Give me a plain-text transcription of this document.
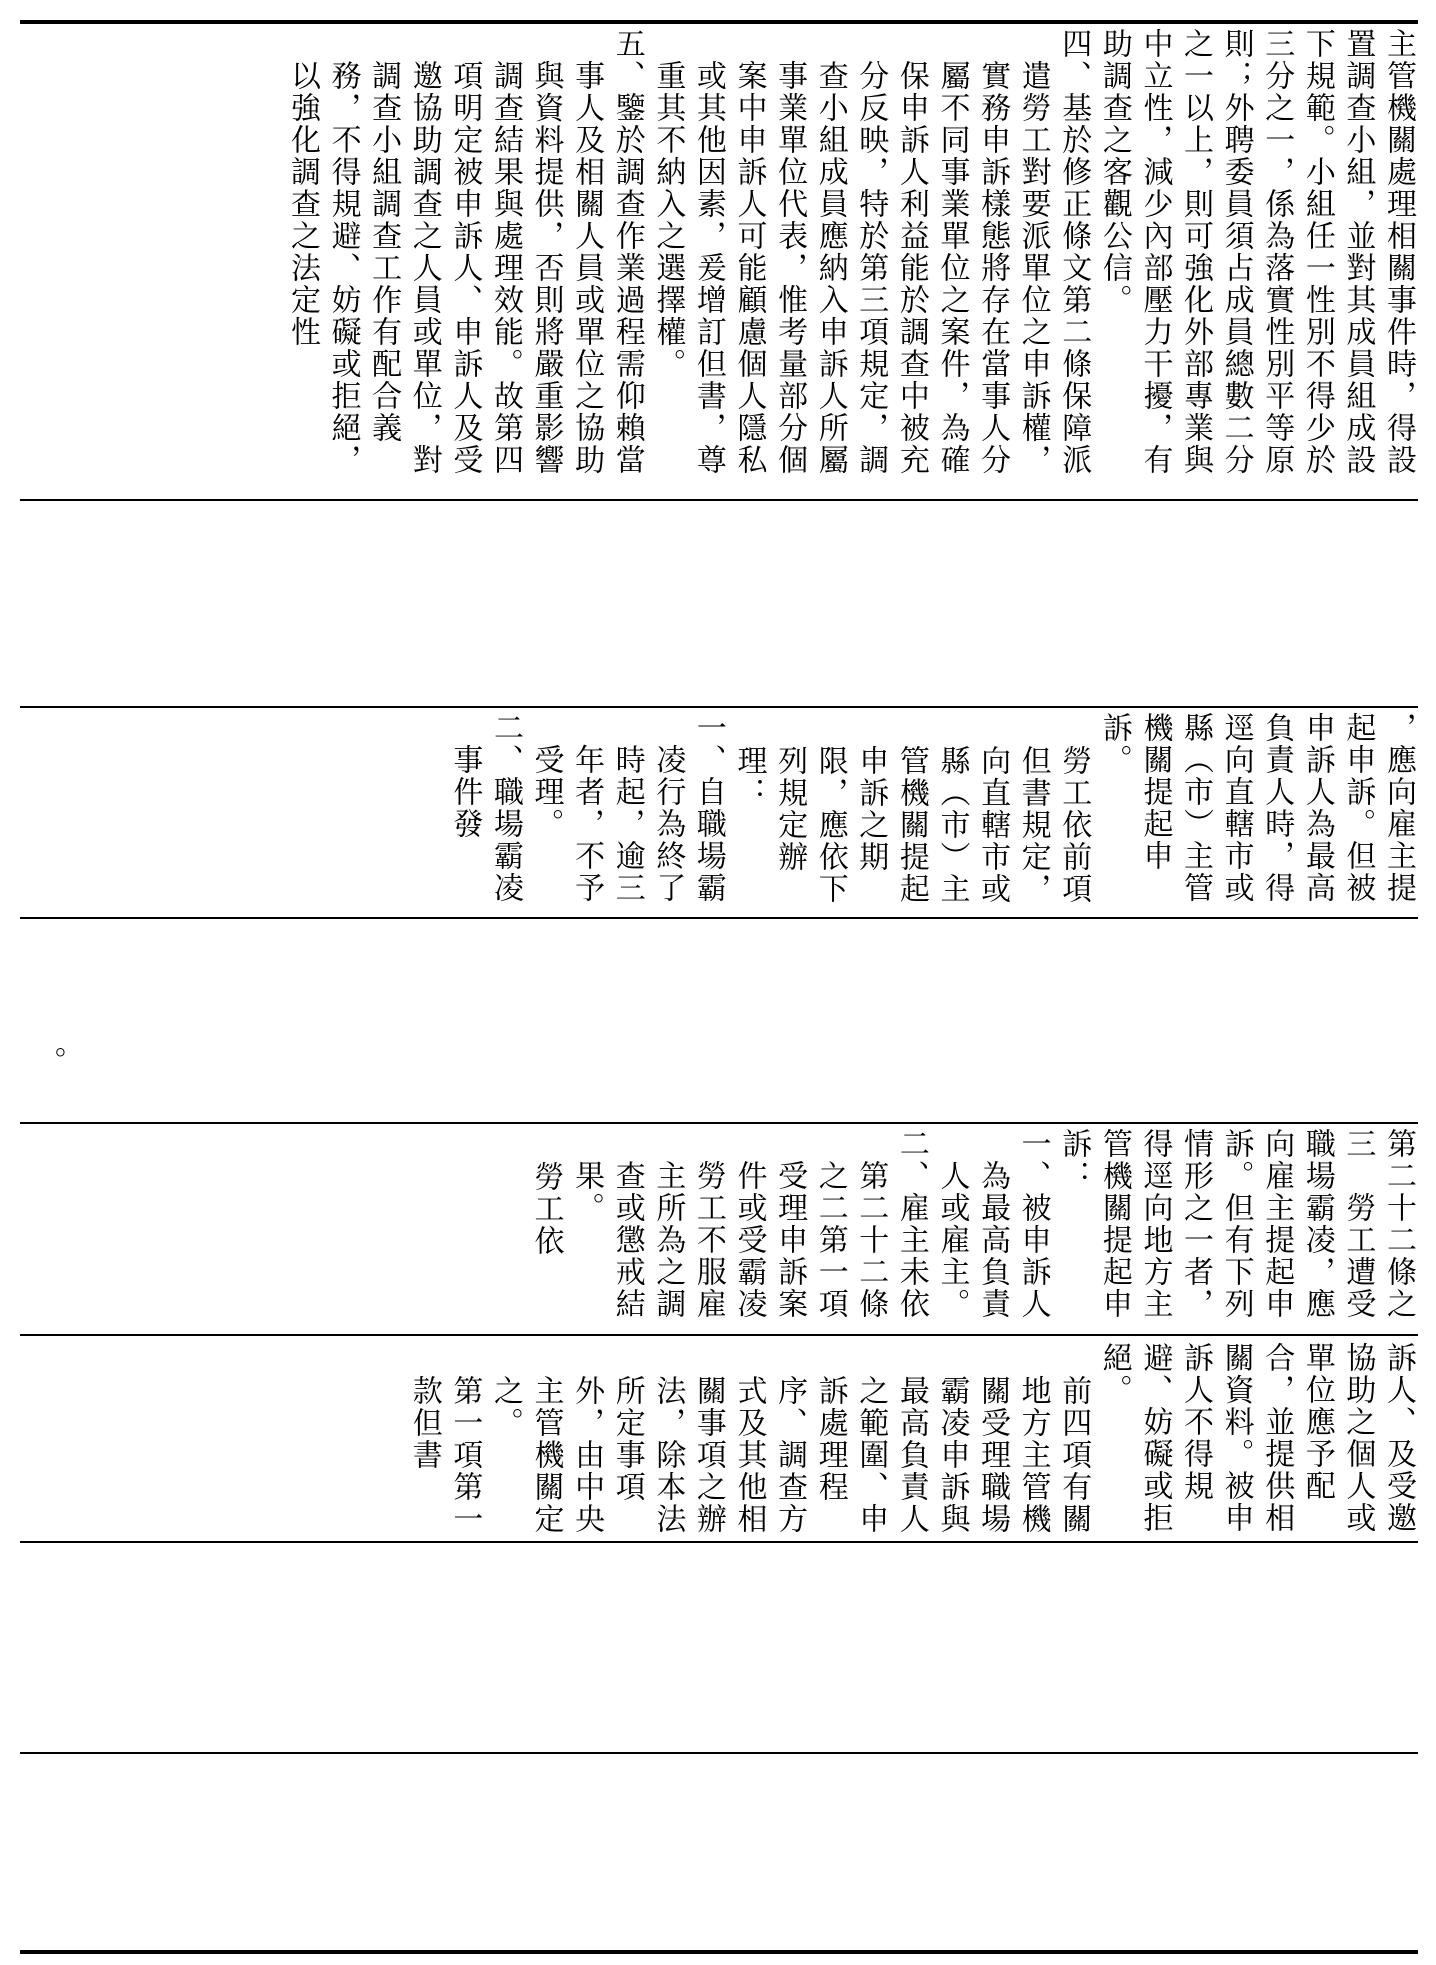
主管機關處理相關事件時，得設置調查小組，並對其成員組成設下規範。小組任一性別不得少於三分之一，係為落實性別平等原則；外聘委員須占成員總數二分之一以上，則可強化外部專業與中立性，減少內部壓力干擾，有助調查之客觀公信。

四、基於修正條文第二條保障派遣勞工對要派單位之申訴權，實務申訴樣態將存在當事人分屬不同事業單位之案件，為確保申訴人利益能於調查中被充分反映，特於第三項規定，調查小組成員應納入申訴人所屬事業單位代表，惟考量部分個案中申訴人可能顧慮個人隱私或其他因素，爰增訂但書，尊重其不納入之選擇權。

五、鑒於調查作業過程需仰賴當事人及相關人員或單位之協助與資料提供，否則將嚴重影響調查結果與處理效能。故第四項明定被申訴人、申訴人及受邀協助調查之人員或單位，對調查小組調查工作有配合義務，不得規避、妨礙或拒絕，以強化調查之法定性

，應向雇主提起申訴。但被申訴人為最高負責人時，得逕向直轄市或縣（市）主管機關提起申訴。

勞工依前項但書規定，向直轄市或縣（市）主管機關提起申訴之期限，應依下列規定辦理：

一、自職場霸凌行為終了時起，逾三年者，不予受理。

二、職場霸凌事件發

。

第二十二條之三　勞工遭受職場霸凌，應向雇主提起申訴。但有下列情形之一者，得逕向地方主管機關提起申訴：

一、被申訴人為最高負責人或雇主。

二、雇主未依第二十二條之二第一項受理申訴案件或受霸凌勞工不服雇主所為之調查或懲戒結果。

勞工依

訴人、及受邀協助之個人或單位應予配合，並提供相關資料。被申訴人不得規避、妨礙或拒絕。

前四項有關地方主管機關受理職場霸凌申訴與最高負責人之範圍、申訴處理程序、調查方式及其他相關事項之辦法，除本法所定事項外，由中央主管機關定之。

第一項第一款但書
